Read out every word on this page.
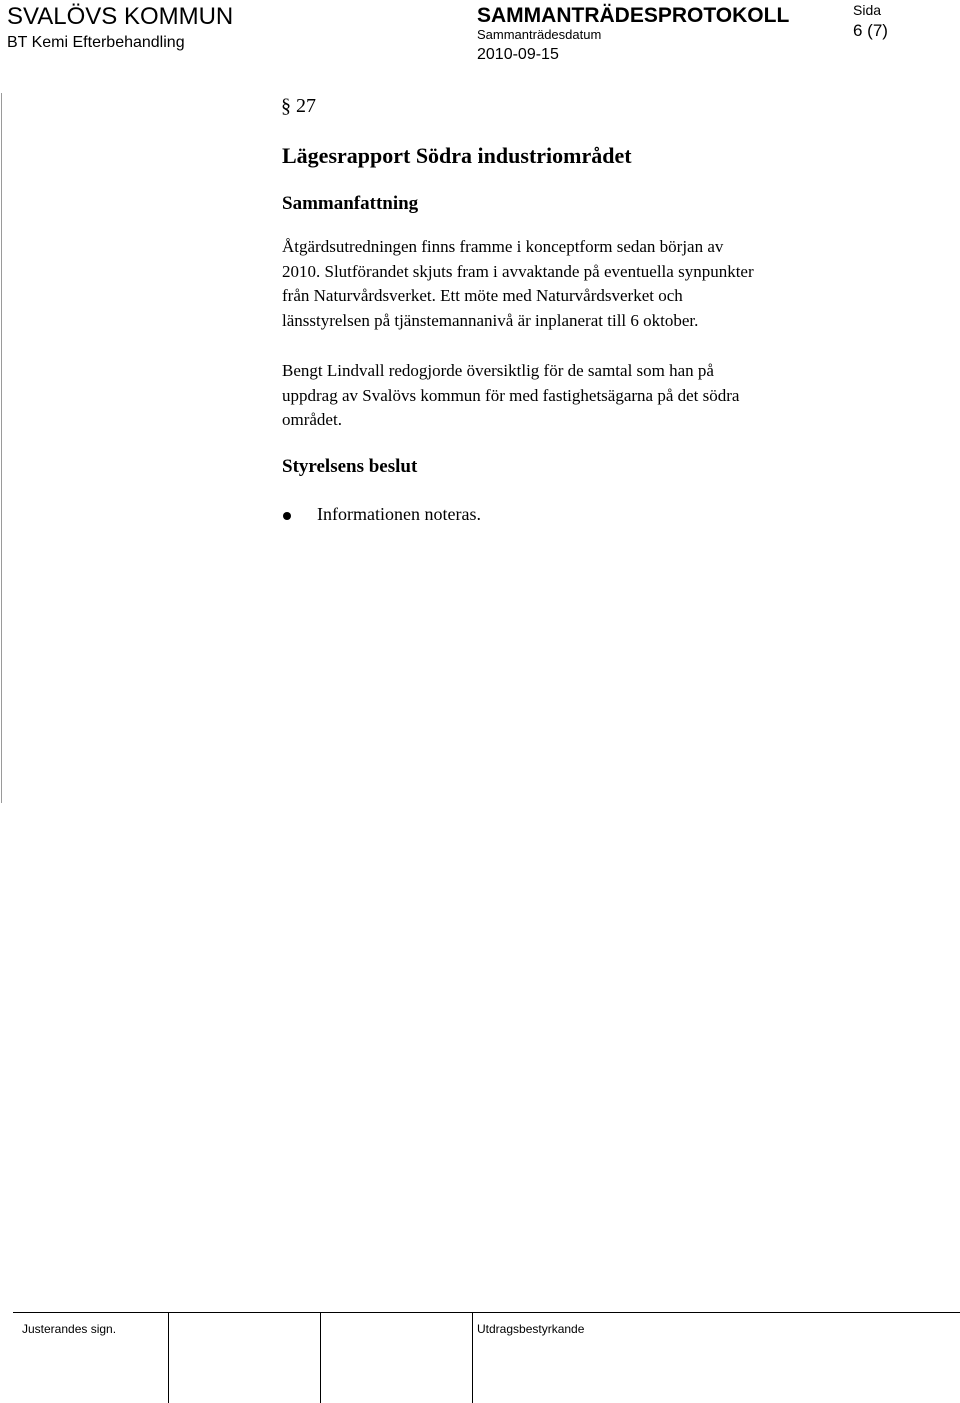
SVALÖVS KOMMUN
BT Kemi Efterbehandling
SAMMANTRÄDESPROTOKOLL
Sammanträdesdatum
2010-09-15
Sida
6 (7)
§ 27
Lägesrapport Södra industriområdet
Sammanfattning
Åtgärdsutredningen finns framme i konceptform sedan början av
2010. Slutförandet skjuts fram i avvaktande på eventuella synpunkter
från Naturvårdsverket. Ett möte med Naturvårdsverket och
länsstyrelsen på tjänstemannanivå är inplanerat till 6 oktober.
Bengt Lindvall redogjorde översiktlig för de samtal som han på
uppdrag av Svalövs kommun för med fastighetsägarna på det södra
området.
Styrelsens beslut
Informationen noteras.
Justerandes sign.	Utdragsbestyrkande
